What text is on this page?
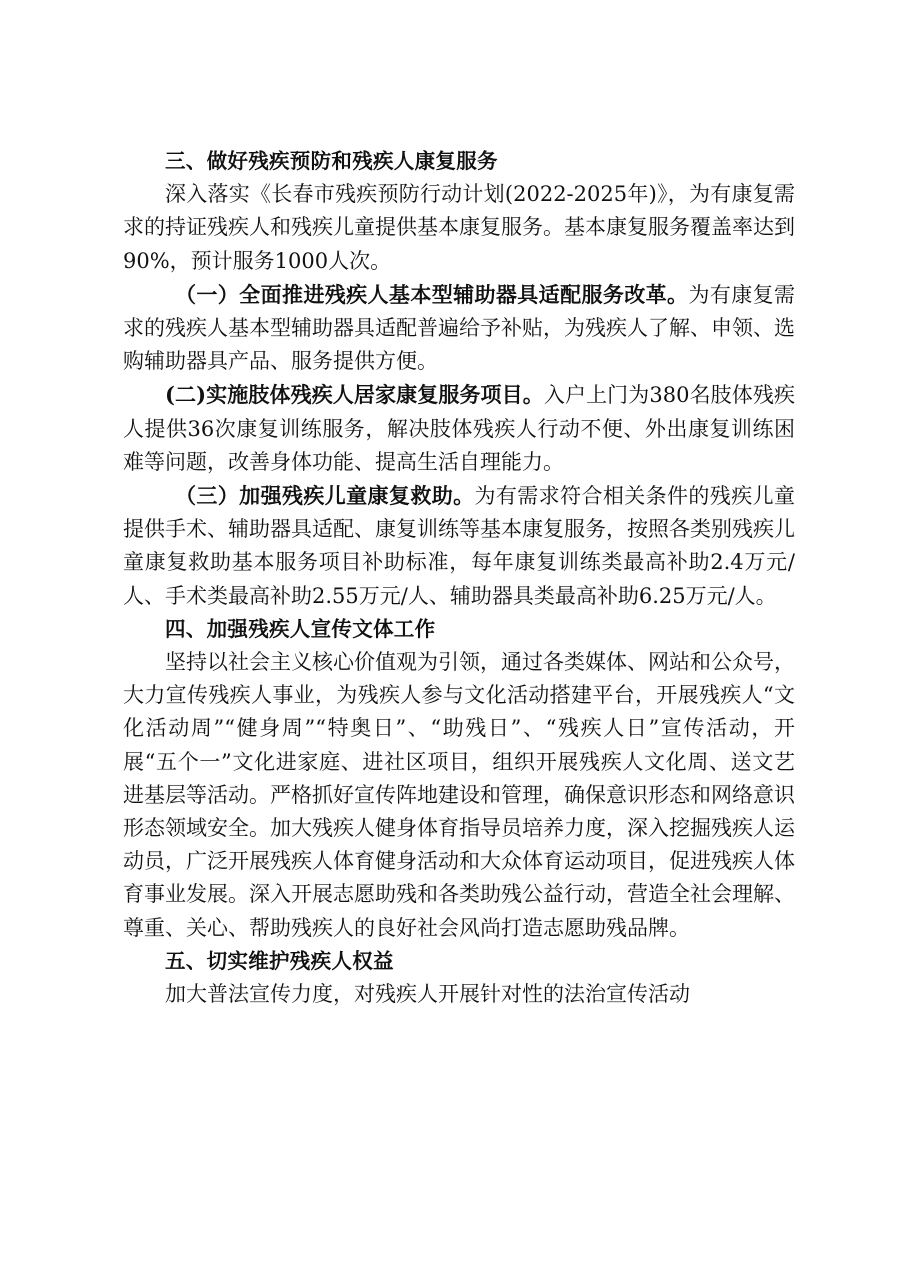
三、做好残疾预防和残疾人康复服务

深入落实《长春市残疾预防行动计划(2022-2025年)》，为有康复需求的持证残疾人和残疾儿童提供基本康复服务。基本康复服务覆盖率达到90%，预计服务1000人次。

（一）全面推进残疾人基本型辅助器具适配服务改革。为有康复需求的残疾人基本型辅助器具适配普遍给予补贴，为残疾人了解、申领、选购辅助器具产品、服务提供方便。

(二)实施肢体残疾人居家康复服务项目。入户上门为380名肢体残疾人提供36次康复训练服务，解决肢体残疾人行动不便、外出康复训练困难等问题，改善身体功能、提高生活自理能力。

（三）加强残疾儿童康复救助。为有需求符合相关条件的残疾儿童提供手术、辅助器具适配、康复训练等基本康复服务，按照各类别残疾儿童康复救助基本服务项目补助标准，每年康复训练类最高补助2.4万元/人、手术类最高补助2.55万元/人、辅助器具类最高补助6.25万元/人。

四、加强残疾人宣传文体工作

坚持以社会主义核心价值观为引领，通过各类媒体、网站和公众号，大力宣传残疾人事业，为残疾人参与文化活动搭建平台，开展残疾人“文化活动周”“健身周”“特奥日”、“助残日”、“残疾人日”宣传活动，开展“五个一”文化进家庭、进社区项目，组织开展残疾人文化周、送文艺进基层等活动。严格抓好宣传阵地建设和管理，确保意识形态和网络意识形态领域安全。加大残疾人健身体育指导员培养力度，深入挖掘残疾人运动员，广泛开展残疾人体育健身活动和大众体育运动项目，促进残疾人体育事业发展。深入开展志愿助残和各类助残公益行动，营造全社会理解、尊重、关心、帮助残疾人的良好社会风尚打造志愿助残品牌。

五、切实维护残疾人权益

加大普法宣传力度，对残疾人开展针对性的法治宣传活动
